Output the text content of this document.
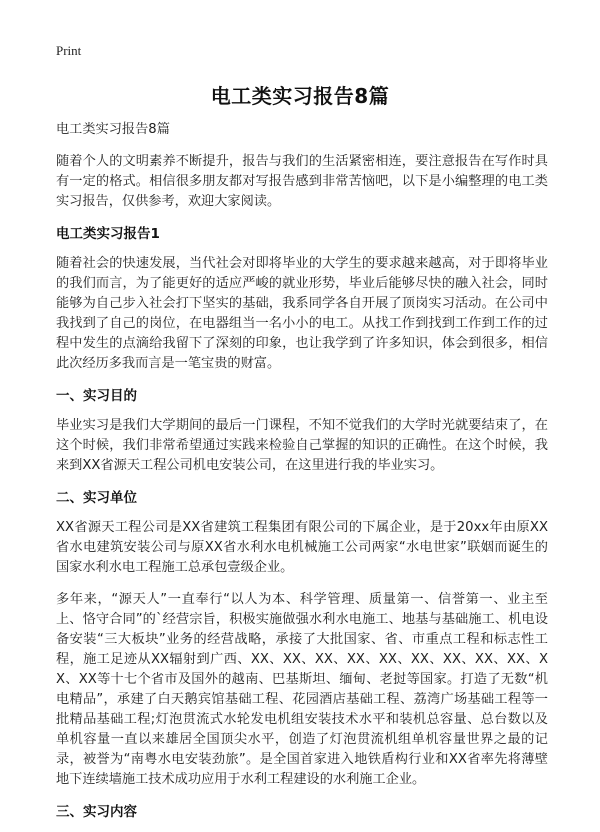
Print
电工类实习报告8篇

电工类实习报告8篇

随着个人的文明素养不断提升，报告与我们的生活紧密相连，要注意报告在写作时具有一定的格式。相信很多朋友都对写报告感到非常苦恼吧，以下是小编整理的电工类实习报告，仅供参考，欢迎大家阅读。

电工类实习报告1

随着社会的快速发展，当代社会对即将毕业的大学生的要求越来越高，对于即将毕业的我们而言，为了能更好的适应严峻的就业形势，毕业后能够尽快的融入社会，同时能够为自己步入社会打下坚实的基础，我系同学各自开展了顶岗实习活动。在公司中我找到了自己的岗位，在电器组当一名小小的电工。从找工作到找到工作到工作的过程中发生的点滴给我留下了深刻的印象，也让我学到了许多知识，体会到很多，相信此次经历多我而言是一笔宝贵的财富。

一、实习目的

毕业实习是我们大学期间的最后一门课程，不知不觉我们的大学时光就要结束了，在这个时候，我们非常希望通过实践来检验自己掌握的知识的正确性。在这个时候，我来到XX省源天工程公司机电安装公司，在这里进行我的毕业实习。

二、实习单位

XX省源天工程公司是XX省建筑工程集团有限公司的下属企业，是于20xx年由原XX省水电建筑安装公司与原XX省水利水电机械施工公司两家“水电世家”联姻而诞生的国家水利水电工程施工总承包壹级企业。

多年来，“源天人”一直奉行“以人为本、科学管理、质量第一、信誉第一、业主至上、恪守合同”的`经营宗旨，积极实施做强水利水电施工、地基与基础施工、机电设备安装“三大板块”业务的经营战略，承接了大批国家、省、市重点工程和标志性工程，施工足迹从XX辐射到广西、XX、XX、XX、XX、XX、XX、XX、XX、XX、XX、XX等十七个省市及国外的越南、巴基斯坦、缅甸、老挝等国家。打造了无数“机电精品”，承建了白天鹅宾馆基础工程、花园酒店基础工程、荔湾广场基础工程等一批精品基础工程;灯泡贯流式水轮发电机组安装技术水平和装机总容量、总台数以及单机容量一直以来雄居全国顶尖水平，创造了灯泡贯流机组单机容量世界之最的记录，被誉为“南粤水电安装劲旅”。是全国首家进入地铁盾构行业和XX省率先将薄壁地下连续墙施工技术成功应用于水利工程建设的水利施工企业。

三、实习内容
